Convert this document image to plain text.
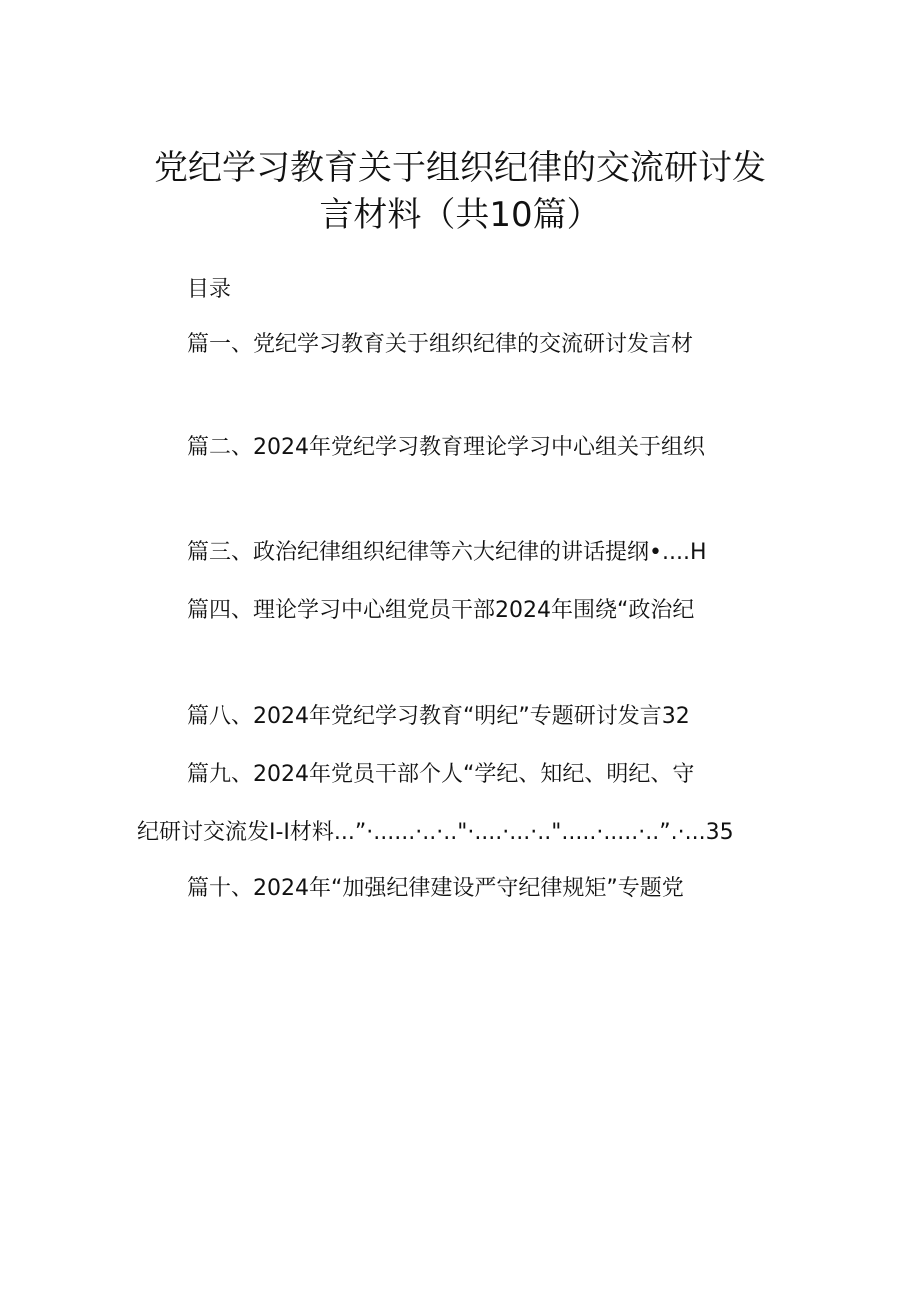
党纪学习教育关于组织纪律的交流研讨发
言材料（共10篇）
目录
篇一、党纪学习教育关于组织纪律的交流研讨发言材
篇二、2024年党纪学习教育理论学习中心组关于组织
篇三、政治纪律组织纪律等六大纪律的讲话提纲•....H
篇四、理论学习中心组党员干部2024年围绕“政治纪
篇八、2024年党纪学习教育“明纪”专题研讨发言32
篇九、2024年党员干部个人“学纪、知纪、明纪、守
纪研讨交流发I-I材料...”·......·..·.."·....·...·..".....·.....·..”.·...35
篇十、2024年“加强纪律建设严守纪律规矩”专题党
